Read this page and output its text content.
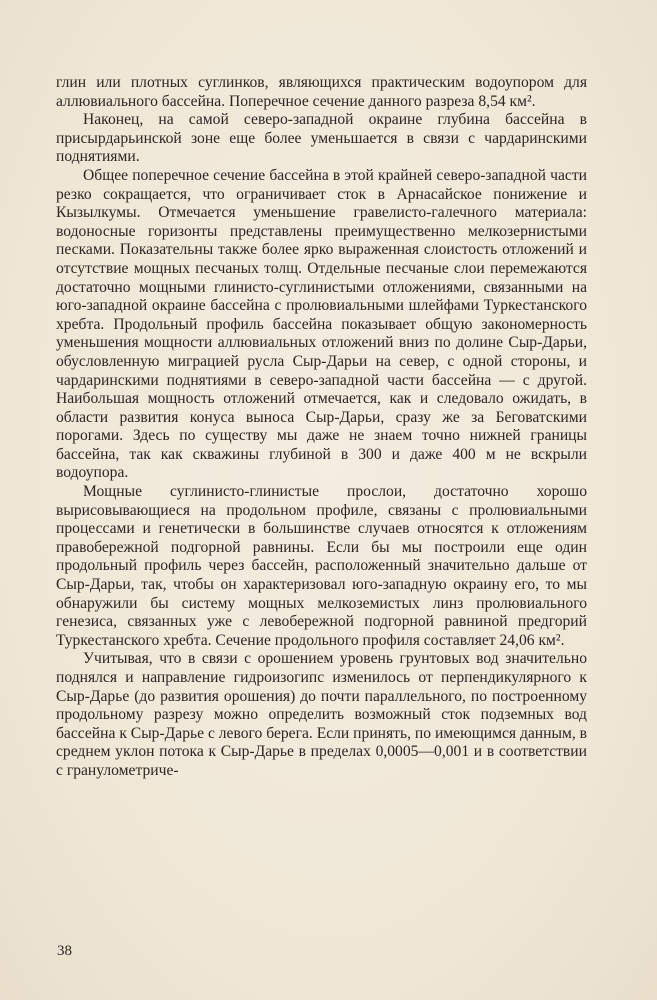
глин или плотных суглинков, являющихся практическим водоупором для аллювиального бассейна. Поперечное сечение данного разреза 8,54 км².

Наконец, на самой северо-западной окраине глубина бассейна в присырдарьинской зоне еще более уменьшается в связи с чардаринскими поднятиями.

Общее поперечное сечение бассейна в этой крайней северо-западной части резко сокращается, что ограничивает сток в Арнасайское понижение и Кызылкумы. Отмечается уменьшение гравелисто-галечного материала: водоносные горизонты представлены преимущественно мелкозернистыми песками. Показательны также более ярко выраженная слоистость отложений и отсутствие мощных песчаных толщ. Отдельные песчаные слои перемежаются достаточно мощными глинисто-суглинистыми отложениями, связанными на юго-западной окраине бассейна с пролювиальными шлейфами Туркестанского хребта. Продольный профиль бассейна показывает общую закономерность уменьшения мощности аллювиальных отложений вниз по долине Сыр-Дарьи, обусловленную миграцией русла Сыр-Дарьи на север, с одной стороны, и чардаринскими поднятиями в северо-западной части бассейна — с другой. Наибольшая мощность отложений отмечается, как и следовало ожидать, в области развития конуса выноса Сыр-Дарьи, сразу же за Беговатскими порогами. Здесь по существу мы даже не знаем точно нижней границы бассейна, так как скважины глубиной в 300 и даже 400 м не вскрыли водоупора.

Мощные суглинисто-глинистые прослои, достаточно хорошо вырисовывающиеся на продольном профиле, связаны с пролювиальными процессами и генетически в большинстве случаев относятся к отложениям правобережной подгорной равнины. Если бы мы построили еще один продольный профиль через бассейн, расположенный значительно дальше от Сыр-Дарьи, так, чтобы он характеризовал юго-западную окраину его, то мы обнаружили бы систему мощных мелкоземистых линз пролювиального генезиса, связанных уже с левобережной подгорной равниной предгорий Туркестанского хребта. Сечение продольного профиля составляет 24,06 км².

Учитывая, что в связи с орошением уровень грунтовых вод значительно поднялся и направление гидроизогипс изменилось от перпендикулярного к Сыр-Дарье (до развития орошения) до почти параллельного, по построенному продольному разрезу можно определить возможный сток подземных вод бассейна к Сыр-Дарье с левого берега. Если принять, по имеющимся данным, в среднем уклон потока к Сыр-Дарье в пределах 0,0005—0,001 и в соответствии с гранулометриче-

38
